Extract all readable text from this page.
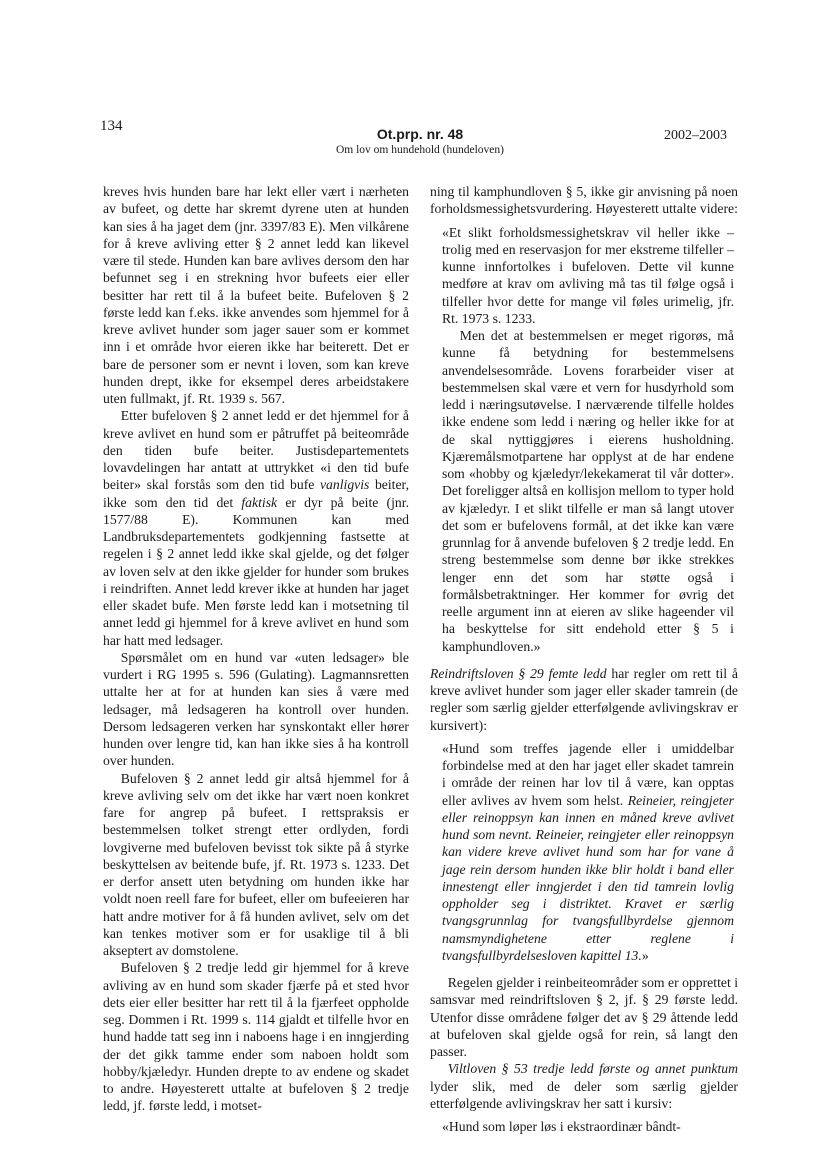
134	Ot.prp. nr. 48
Om lov om hundehold (hundeloven)
2002–2003

kreves hvis hunden bare har lekt eller vært i nærheten av bufeet, og dette har skremt dyrene uten at hunden kan sies å ha jaget dem (jnr. 3397/83 E). Men vilkårene for å kreve avliving etter § 2 annet ledd kan likevel være til stede. Hunden kan bare avlives dersom den har befunnet seg i en strekning hvor bufeets eier eller besitter har rett til å la bufeet beite. Bufeloven § 2 første ledd kan f.eks. ikke anvendes som hjemmel for å kreve avlivet hunder som jager sauer som er kommet inn i et område hvor eieren ikke har beiterett. Det er bare de personer som er nevnt i loven, som kan kreve hunden drept, ikke for eksempel deres arbeidstakere uten fullmakt, jf. Rt. 1939 s. 567.

Etter bufeloven § 2 annet ledd er det hjemmel for å kreve avlivet en hund som er påtruffet på beiteområde den tiden bufe beiter. Justisdepartementets lovavdelingen har antatt at uttrykket «i den tid bufe beiter» skal forstås som den tid bufe vanligvis beiter, ikke som den tid det faktisk er dyr på beite (jnr. 1577/88 E). Kommunen kan med Landbruksdepartementets godkjenning fastsette at regelen i § 2 annet ledd ikke skal gjelde, og det følger av loven selv at den ikke gjelder for hunder som brukes i reindriften. Annet ledd krever ikke at hunden har jaget eller skadet bufe. Men første ledd kan i motsetning til annet ledd gi hjemmel for å kreve avlivet en hund som har hatt med ledsager.

Spørsmålet om en hund var «uten ledsager» ble vurdert i RG 1995 s. 596 (Gulating). Lagmannsretten uttalte her at for at hunden kan sies å være med ledsager, må ledsageren ha kontroll over hunden. Dersom ledsageren verken har synskontakt eller hører hunden over lengre tid, kan han ikke sies å ha kontroll over hunden.

Bufeloven § 2 annet ledd gir altså hjemmel for å kreve avliving selv om det ikke har vært noen konkret fare for angrep på bufeet. I rettspraksis er bestemmelsen tolket strengt etter ordlyden, fordi lovgiverne med bufeloven bevisst tok sikte på å styrke beskyttelsen av beitende bufe, jf. Rt. 1973 s. 1233. Det er derfor ansett uten betydning om hunden ikke har voldt noen reell fare for bufeet, eller om bufeeieren har hatt andre motiver for å få hunden avlivet, selv om det kan tenkes motiver som er for usaklige til å bli akseptert av domstolene.

Bufeloven § 2 tredje ledd gir hjemmel for å kreve avliving av en hund som skader fjærfe på et sted hvor dets eier eller besitter har rett til å la fjærfeet oppholde seg. Dommen i Rt. 1999 s. 114 gjaldt et tilfelle hvor en hund hadde tatt seg inn i naboens hage i en inngjerding der det gikk tamme ender som naboen holdt som hobby/kjæledyr. Hunden drepte to av endene og skadet to andre. Høyesterett uttalte at bufeloven § 2 tredje ledd, jf. første ledd, i motset-

ning til kamphundloven § 5, ikke gir anvisning på noen forholdsmessighetsvurdering. Høyesterett uttalte videre:

«Et slikt forholdsmessighetskrav vil heller ikke – trolig med en reservasjon for mer ekstreme tilfeller – kunne innfortolkes i bufeloven. Dette vil kunne medføre at krav om avliving må tas til følge også i tilfeller hvor dette for mange vil føles urimelig, jfr. Rt. 1973 s. 1233.

Men det at bestemmelsen er meget rigorøs, må kunne få betydning for bestemmelsens anvendelsesområde. Lovens forarbeider viser at bestemmelsen skal være et vern for husdyrhold som ledd i næringsutøvelse. I nærværende tilfelle holdes ikke endene som ledd i næring og heller ikke for at de skal nyttiggjøres i eierens husholdning. Kjæremålsmotpartene har opplyst at de har endene som «hobby og kjæledyr/lekekamerat til vår dotter». Det foreligger altså en kollisjon mellom to typer hold av kjæledyr. I et slikt tilfelle er man så langt utover det som er bufelovens formål, at det ikke kan være grunnlag for å anvende bufeloven § 2 tredje ledd. En streng bestemmelse som denne bør ikke strekkes lenger enn det som har støtte også i formålsbetraktninger. Her kommer for øvrig det reelle argument inn at eieren av slike hageender vil ha beskyttelse for sitt endehold etter § 5 i kamphundloven.»

Reindriftsloven § 29 femte ledd har regler om rett til å kreve avlivet hunder som jager eller skader tamrein (de regler som særlig gjelder etterfølgende avlivingskrav er kursivert):

«Hund som treffes jagende eller i umiddelbar forbindelse med at den har jaget eller skadet tamrein i område der reinen har lov til å være, kan opptas eller avlives av hvem som helst. Reineier, reingjeter eller reinoppsyn kan innen en måned kreve avlivet hund som nevnt. Reineier, reingjeter eller reinoppsyn kan videre kreve avlivet hund som har for vane å jage rein dersom hunden ikke blir holdt i band eller innestengt eller inngjerdet i den tid tamrein lovlig oppholder seg i distriktet. Kravet er særlig tvangsgrunnlag for tvangsfullbyrdelse gjennom namsmyndighetene etter reglene i tvangsfullbyrdelsesloven kapittel 13.»

Regelen gjelder i reinbeiteområder som er opprettet i samsvar med reindriftsloven § 2, jf. § 29 første ledd. Utenfor disse områdene følger det av § 29 åttende ledd at bufeloven skal gjelde også for rein, så langt den passer.

Viltloven § 53 tredje ledd første og annet punktum lyder slik, med de deler som særlig gjelder etterfølgende avlivingskrav her satt i kursiv:

«Hund som løper løs i ekstraordinær bândt-
